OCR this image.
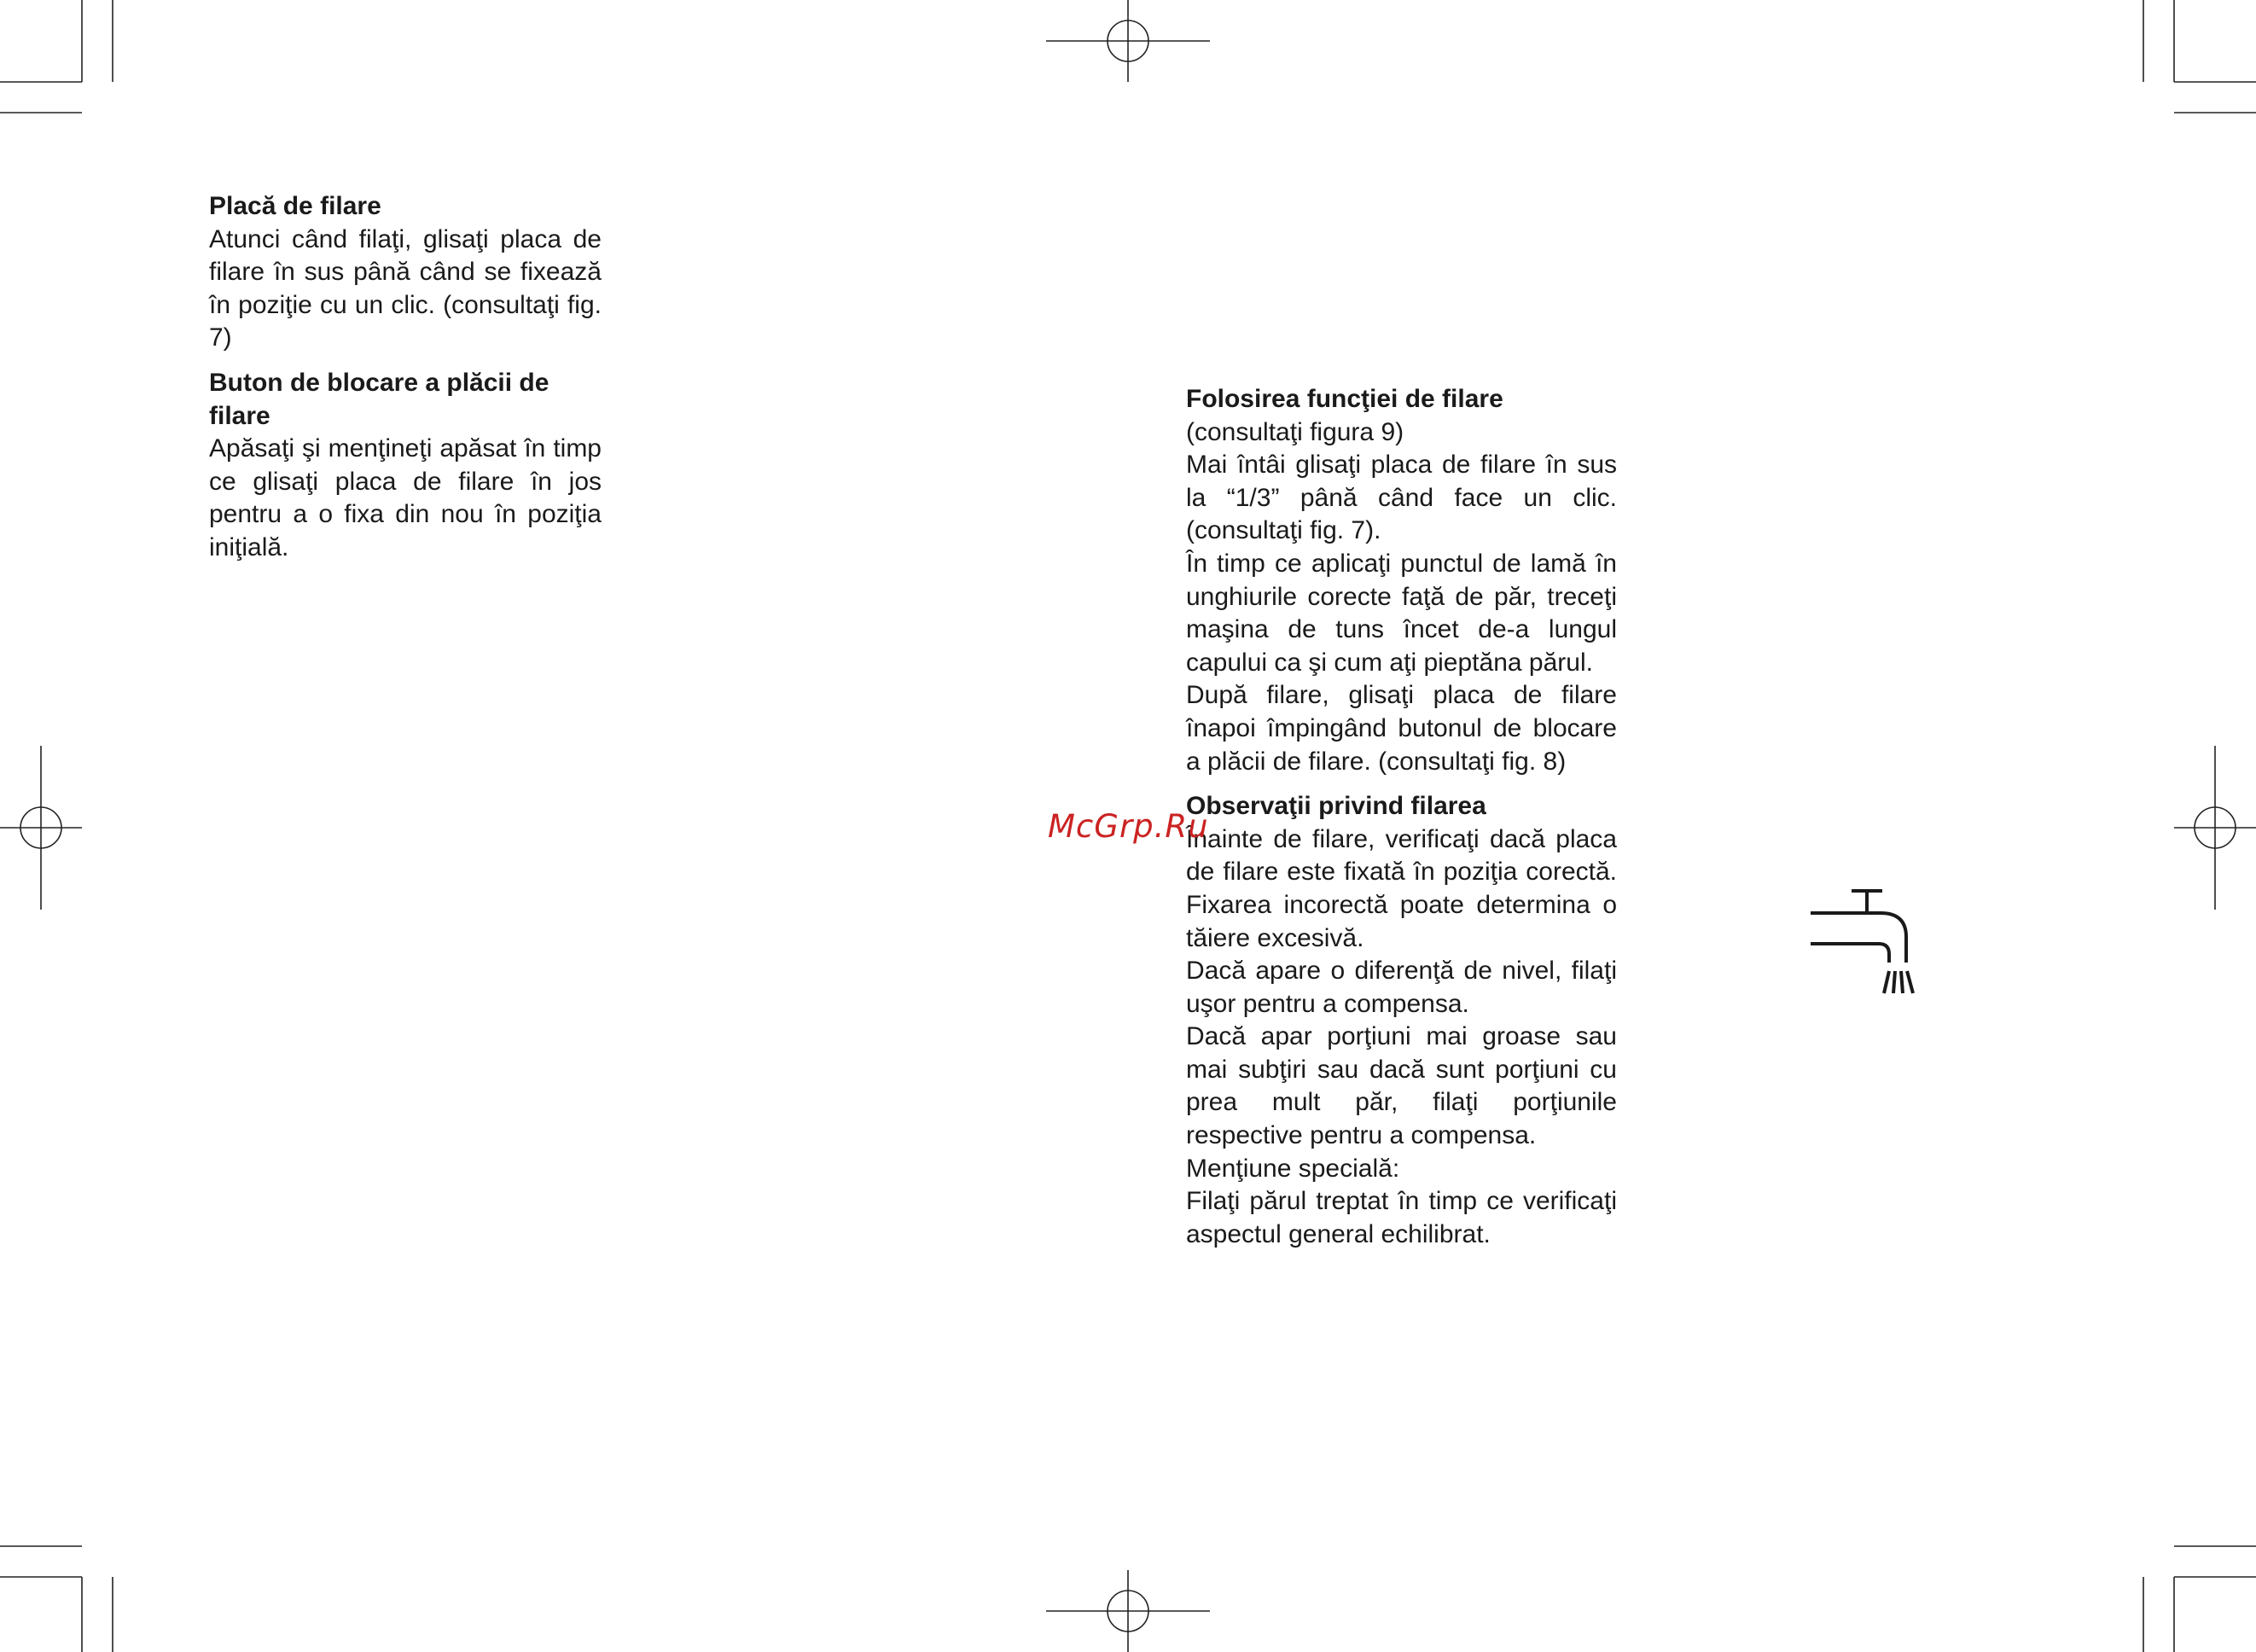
Placă de filare

Atunci când filaţi, glisaţi placa de filare în sus până când se fixează în poziţie cu un clic. (consultaţi fig. 7)

Buton de blocare a plăcii de filare

Apăsaţi şi menţineţi apăsat în timp ce glisaţi placa de filare în jos pentru a o fixa din nou în poziţia iniţială.

Folosirea funcţiei de filare

(consultaţi figura 9)

Mai întâi glisaţi placa de filare în sus la “1/3” până când face un clic. (consultaţi fig. 7).

În timp ce aplicaţi punctul de lamă în unghiurile corecte faţă de păr, treceţi maşina de tuns încet de-a lungul capului ca şi cum aţi pieptăna părul.

După filare, glisaţi placa de filare înapoi împingând butonul de blocare a plăcii de filare. (consultaţi fig. 8)

Observaţii privind filarea

Înainte de filare, verificaţi dacă placa de filare este fixată în poziţia corectă. Fixarea incorectă poate determina o tăiere excesivă.

Dacă apare o diferenţă de nivel, filaţi uşor pentru a compensa.

Dacă apar porţiuni mai groase sau mai subţiri sau dacă sunt porţiuni cu prea mult păr, filaţi porţiunile respective pentru a compensa.

Menţiune specială:

Filaţi părul treptat în timp ce verificaţi aspectul general echilibrat.

McGrp.Ru
